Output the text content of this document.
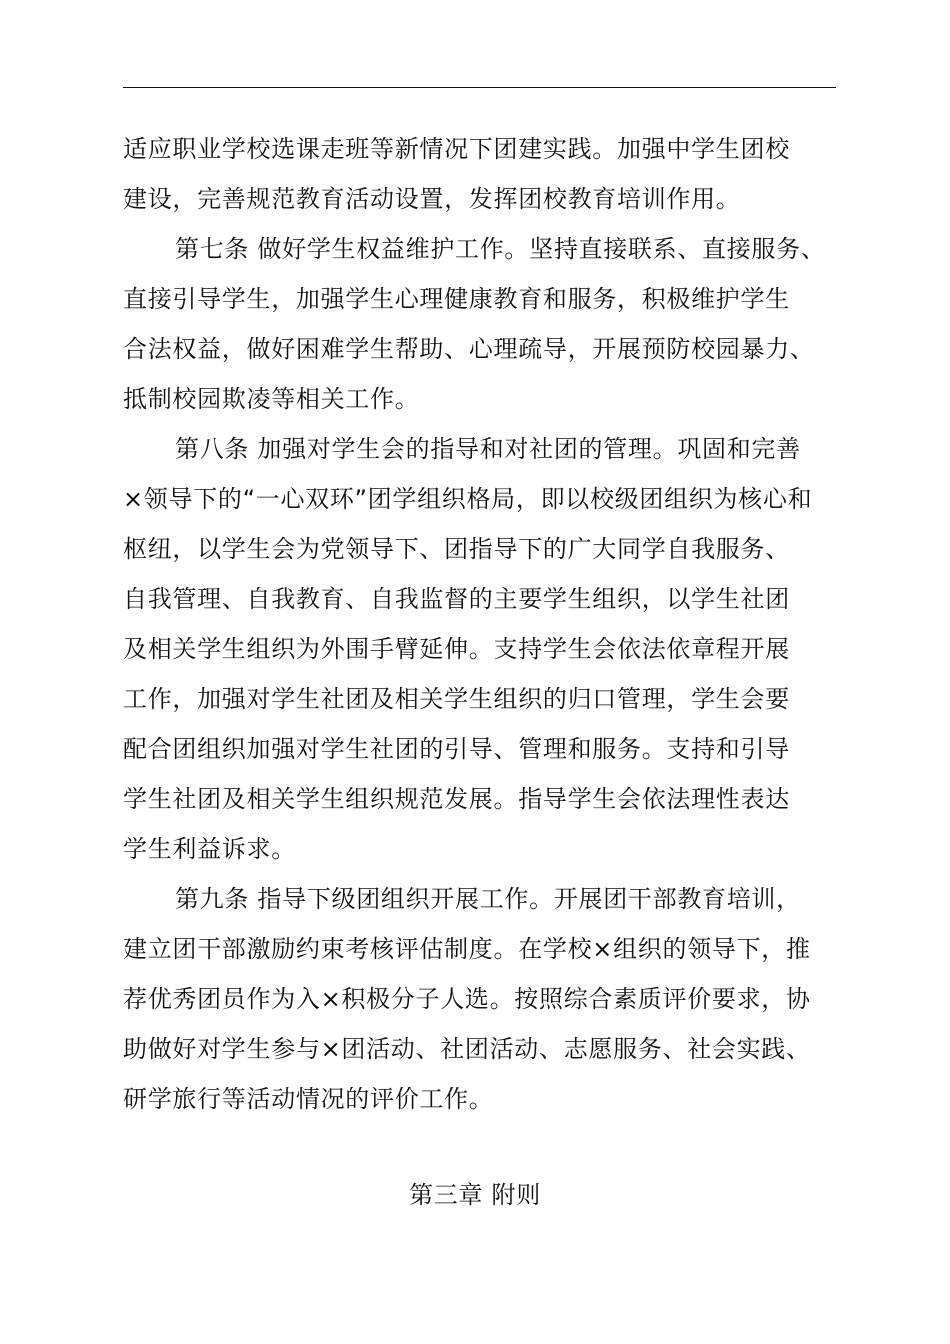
适应职业学校选课走班等新情况下团建实践。加强中学生团校
建设，完善规范教育活动设置，发挥团校教育培训作用。
第七条 做好学生权益维护工作。坚持直接联系、直接服务、
直接引导学生，加强学生心理健康教育和服务，积极维护学生
合法权益，做好困难学生帮助、心理疏导，开展预防校园暴力、
抵制校园欺凌等相关工作。
第八条 加强对学生会的指导和对社团的管理。巩固和完善
×领导下的“一心双环”团学组织格局，即以校级团组织为核心和
枢纽，以学生会为党领导下、团指导下的广大同学自我服务、
自我管理、自我教育、自我监督的主要学生组织，以学生社团
及相关学生组织为外围手臂延伸。支持学生会依法依章程开展
工作，加强对学生社团及相关学生组织的归口管理，学生会要
配合团组织加强对学生社团的引导、管理和服务。支持和引导
学生社团及相关学生组织规范发展。指导学生会依法理性表达
学生利益诉求。
第九条 指导下级团组织开展工作。开展团干部教育培训，
建立团干部激励约束考核评估制度。在学校×组织的领导下，推
荐优秀团员作为入×积极分子人选。按照综合素质评价要求，协
助做好对学生参与×团活动、社团活动、志愿服务、社会实践、
研学旅行等活动情况的评价工作。
第三章 附则
